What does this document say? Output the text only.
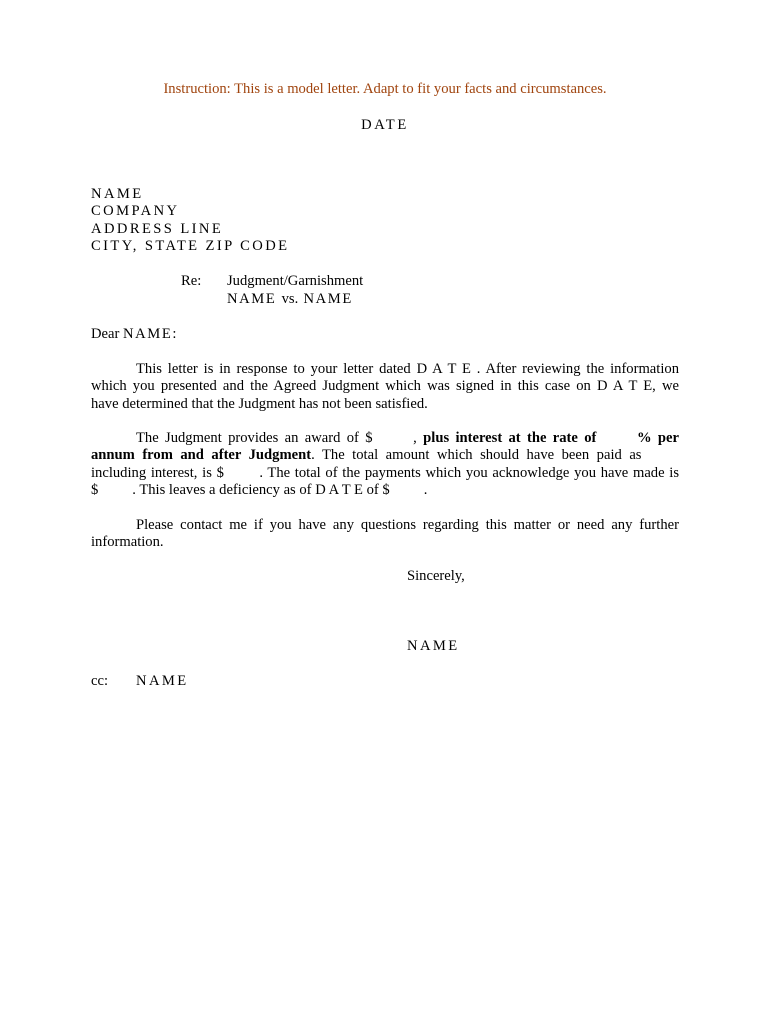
Instruction: This is a model letter. Adapt to fit your facts and circumstances.
DATE
NAME
COMPANY
ADDRESS LINE
CITY, STATE ZIP CODE
Re: Judgment/Garnishment
NAME vs. NAME
Dear NAME:
This letter is in response to your letter dated D A T E . After reviewing the information
which you presented and the Agreed Judgment which was signed in this case on D A T E, we
have determined that the Judgment has not been satisfied.
The Judgment provides an award of $	, plus interest at the rate of	% per
annum from and after Judgment. The total amount which should have been paid as
including interest, is $ . The total of the payments which you acknowledge you have made is
$ . This leaves a deficiency as of D A T E of $ .
Please contact me if you have any questions regarding this matter or need any further
information.
Sincerely,
NAME
cc: NAME
